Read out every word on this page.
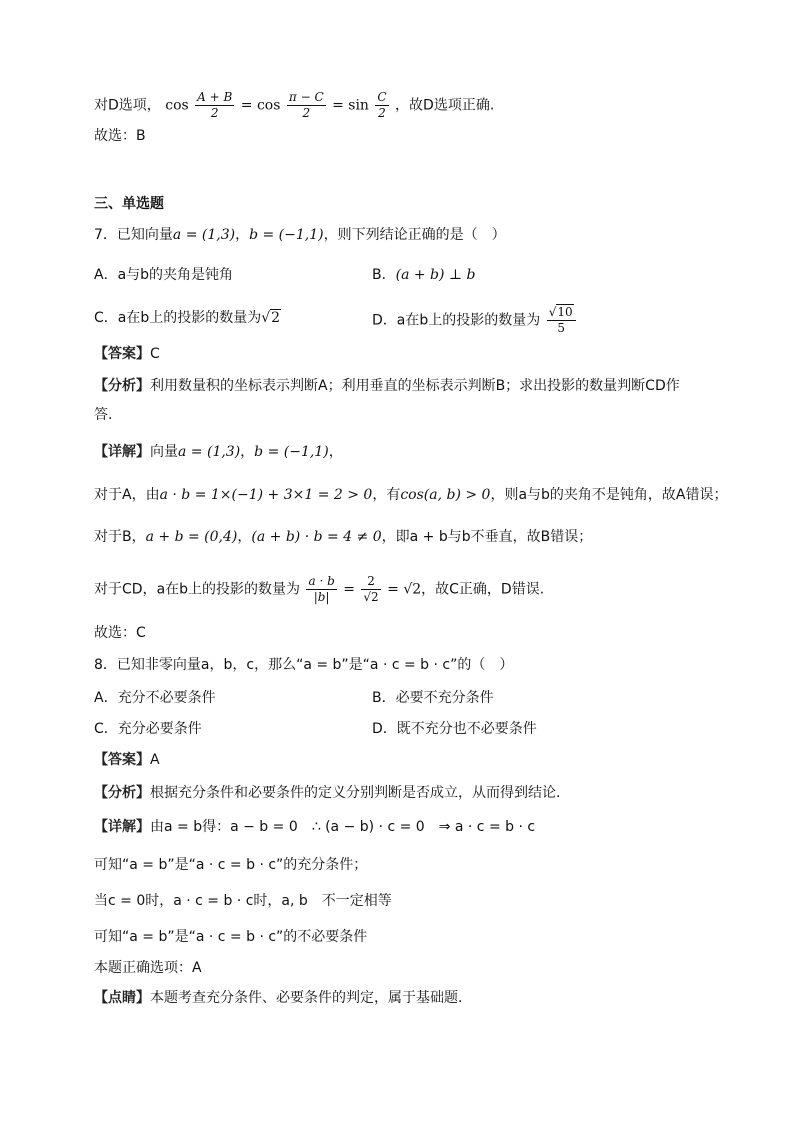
对D选项， $\cos \frac{A + B}{2} = \cos \frac{\pi - C}{2} = \sin \frac{C}{2}$ ，故D选项正确.
故选：B
三、单选题
7．已知向量a = (1,3)，b = (−1,1)，则下列结论正确的是（　）
A．a与b的夹角是钝角	B．(a + b) ⊥ b
C．a在b上的投影的数量为√2	D．a在b上的投影的数量为 $\frac{√10}{5}$
【答案】C
【分析】利用数量积的坐标表示判断A；利用垂直的坐标表示判断B；求出投影的数量判断CD作
答.
【详解】向量a = (1,3)，b = (−1,1)，
对于A，由a · b = 1×(−1) + 3×1 = 2 > 0，有cos(a, b) > 0，则a与b的夹角不是钝角，故A错误；
对于B，a + b = (0,4)，(a + b) · b = 4 ≠ 0，即a + b与b不垂直，故B错误；
对于CD，a在b上的投影的数量为 $\frac{a \cdot b}{|b|} = \frac{2}{√2} = √2$，故C正确，D错误.
故选：C
8．已知非零向量a，b，c，那么“a = b”是“a · c = b · c”的（　）
A．充分不必要条件	B．必要不充分条件
C．充分必要条件	D．既不充分也不必要条件
【答案】A
【分析】根据充分条件和必要条件的定义分别判断是否成立，从而得到结论.
【详解】由a = b得：a − b = 0　∴ (a − b) · c = 0　⇒ a · c = b · c
可知“a = b”是“a · c = b · c”的充分条件；
当c = 0时，a · c = b · c时，a, b　不一定相等
可知“a = b”是“a · c = b · c”的不必要条件
本题正确选项：A
【点睛】本题考查充分条件、必要条件的判定，属于基础题.
